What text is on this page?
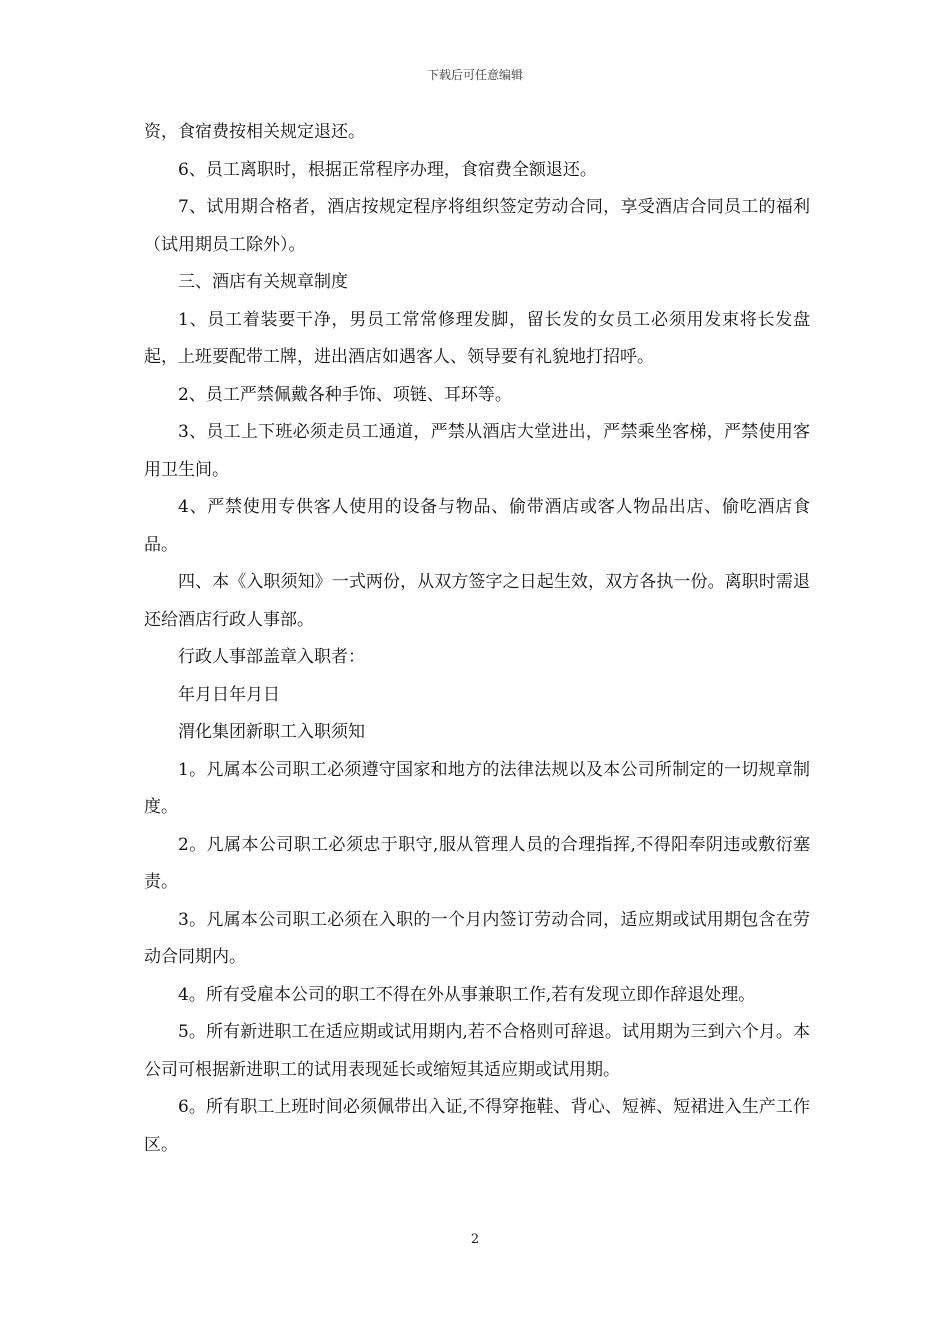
下载后可任意编辑

资，食宿费按相关规定退还。

6、员工离职时，根据正常程序办理，食宿费全额退还。

7、试用期合格者，酒店按规定程序将组织签定劳动合同，享受酒店合同员工的福利（试用期员工除外）。

三、酒店有关规章制度

1、员工着装要干净，男员工常常修理发脚，留长发的女员工必须用发束将长发盘起，上班要配带工牌，进出酒店如遇客人、领导要有礼貌地打招呼。

2、员工严禁佩戴各种手饰、项链、耳环等。

3、员工上下班必须走员工通道，严禁从酒店大堂进出，严禁乘坐客梯，严禁使用客用卫生间。

4、严禁使用专供客人使用的设备与物品、偷带酒店或客人物品出店、偷吃酒店食品。

四、本《入职须知》一式两份，从双方签字之日起生效，双方各执一份。离职时需退还给酒店行政人事部。

行政人事部盖章入职者：

年月日年月日

渭化集团新职工入职须知

1。凡属本公司职工必须遵守国家和地方的法律法规以及本公司所制定的一切规章制度。

2。凡属本公司职工必须忠于职守,服从管理人员的合理指挥,不得阳奉阴违或敷衍塞责。

3。凡属本公司职工必须在入职的一个月内签订劳动合同，适应期或试用期包含在劳动合同期内。

4。所有受雇本公司的职工不得在外从事兼职工作,若有发现立即作辞退处理。

5。所有新进职工在适应期或试用期内,若不合格则可辞退。试用期为三到六个月。本公司可根据新进职工的试用表现延长或缩短其适应期或试用期。

6。所有职工上班时间必须佩带出入证,不得穿拖鞋、背心、短裤、短裙进入生产工作区。

2
